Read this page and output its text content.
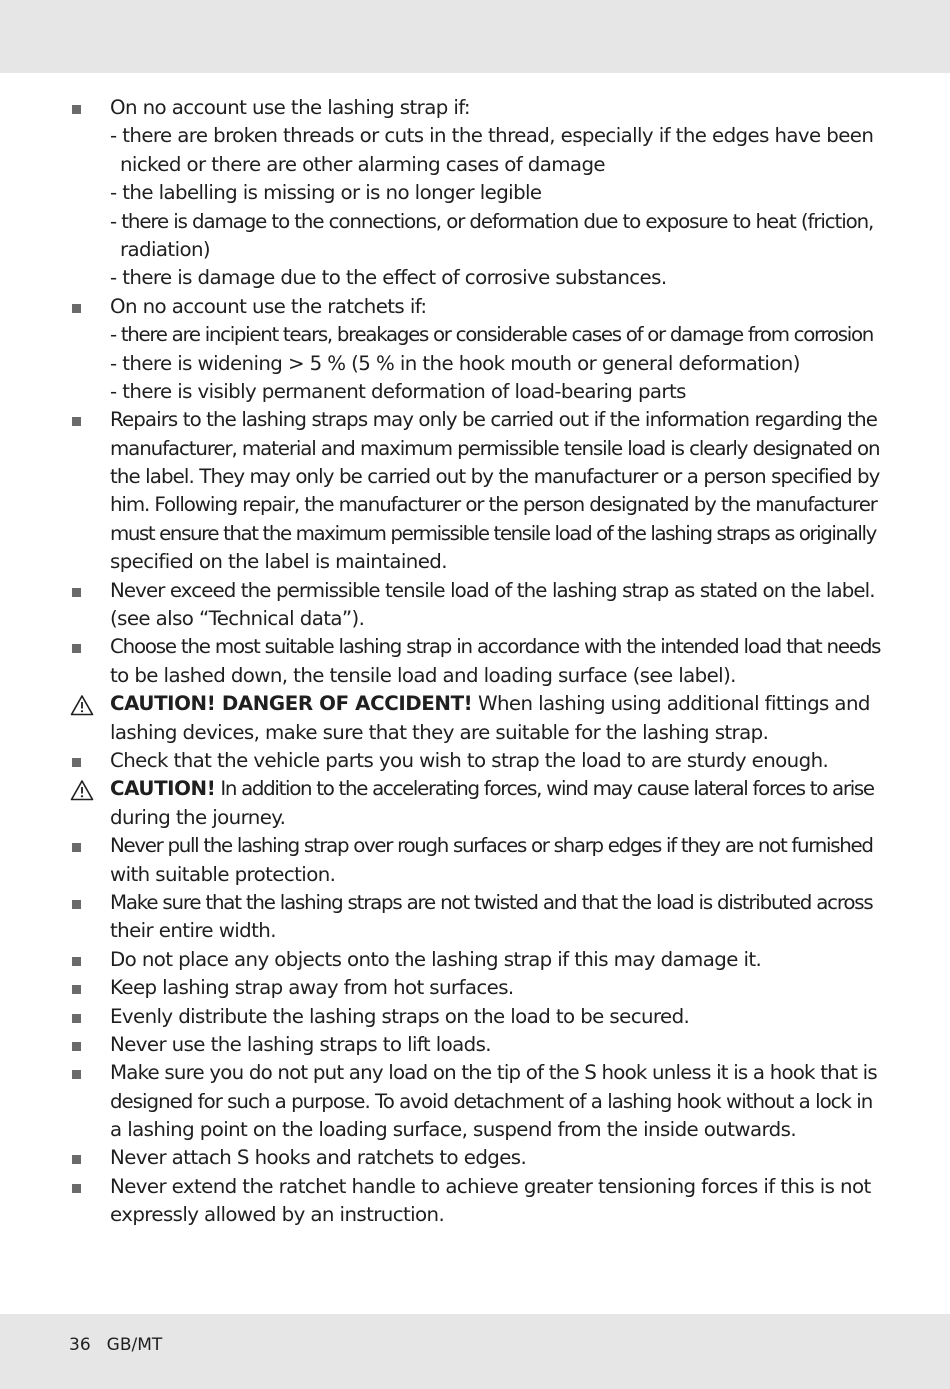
On no account use the lashing strap if:
- there are broken threads or cuts in the thread, especially if the edges have been
nicked or there are other alarming cases of damage
- the labelling is missing or is no longer legible
- there is damage to the connections, or deformation due to exposure to heat (friction,
radiation)
- there is damage due to the effect of corrosive substances.
On no account use the ratchets if:
- there are incipient tears, breakages or considerable cases of or damage from corrosion
- there is widening > 5 % (5 % in the hook mouth or general deformation)
- there is visibly permanent deformation of load-bearing parts
Repairs to the lashing straps may only be carried out if the information regarding the
manufacturer, material and maximum permissible tensile load is clearly designated on
the label. They may only be carried out by the manufacturer or a person specified by
him. Following repair, the manufacturer or the person designated by the manufacturer
must ensure that the maximum permissible tensile load of the lashing straps as originally
specified on the label is maintained.
Never exceed the permissible tensile load of the lashing strap as stated on the label.
(see also “Technical data”).
Choose the most suitable lashing strap in accordance with the intended load that needs
to be lashed down, the tensile load and loading surface (see label).
CAUTION! DANGER OF ACCIDENT! When lashing using additional fittings and
lashing devices, make sure that they are suitable for the lashing strap.
Check that the vehicle parts you wish to strap the load to are sturdy enough.
CAUTION! In addition to the accelerating forces, wind may cause lateral forces to arise
during the journey.
Never pull the lashing strap over rough surfaces or sharp edges if they are not furnished
with suitable protection.
Make sure that the lashing straps are not twisted and that the load is distributed across
their entire width.
Do not place any objects onto the lashing strap if this may damage it.
Keep lashing strap away from hot surfaces.
Evenly distribute the lashing straps on the load to be secured.
Never use the lashing straps to lift loads.
Make sure you do not put any load on the tip of the S hook unless it is a hook that is
designed for such a purpose. To avoid detachment of a lashing hook without a lock in
a lashing point on the loading surface, suspend from the inside outwards.
Never attach S hooks and ratchets to edges.
Never extend the ratchet handle to achieve greater tensioning forces if this is not
expressly allowed by an instruction.
36 GB/MT
